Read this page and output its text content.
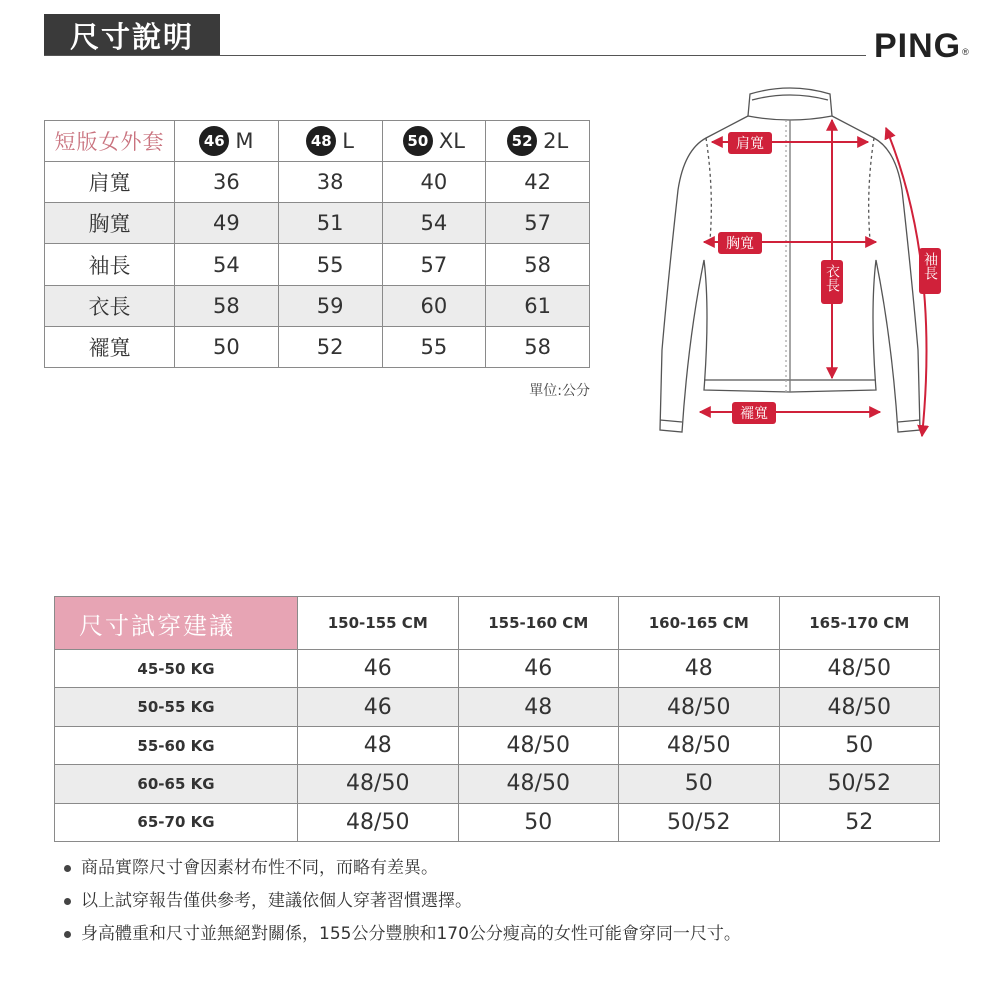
尺寸說明	PING®
短版女外套	46 M	48 L	50 XL	52 2L

肩寬	36	38	40	42
胸寬	49	51	54	57
袖長	54	55	57	58
衣長	58	59	60	61
襬寬	50	52	55	58
單位:公分
肩寬
胸寬
衣長	袖長
襬寬
尺寸試穿建議	150-155 CM	155-160 CM	160-165 CM	165-170 CM
45-50 KG	46	46	48	48/50
50-55 KG	46	48	48/50	48/50
55-60 KG	48	48/50	48/50	50
60-65 KG	48/50	48/50	50	50/52
65-70 KG	48/50	50	50/52	52
商品實際尺寸會因素材布性不同，而略有差異。
以上試穿報告僅供參考，建議依個人穿著習慣選擇。
身高體重和尺寸並無絕對關係，155公分豐腴和170公分瘦高的女性可能會穿同一尺寸。
